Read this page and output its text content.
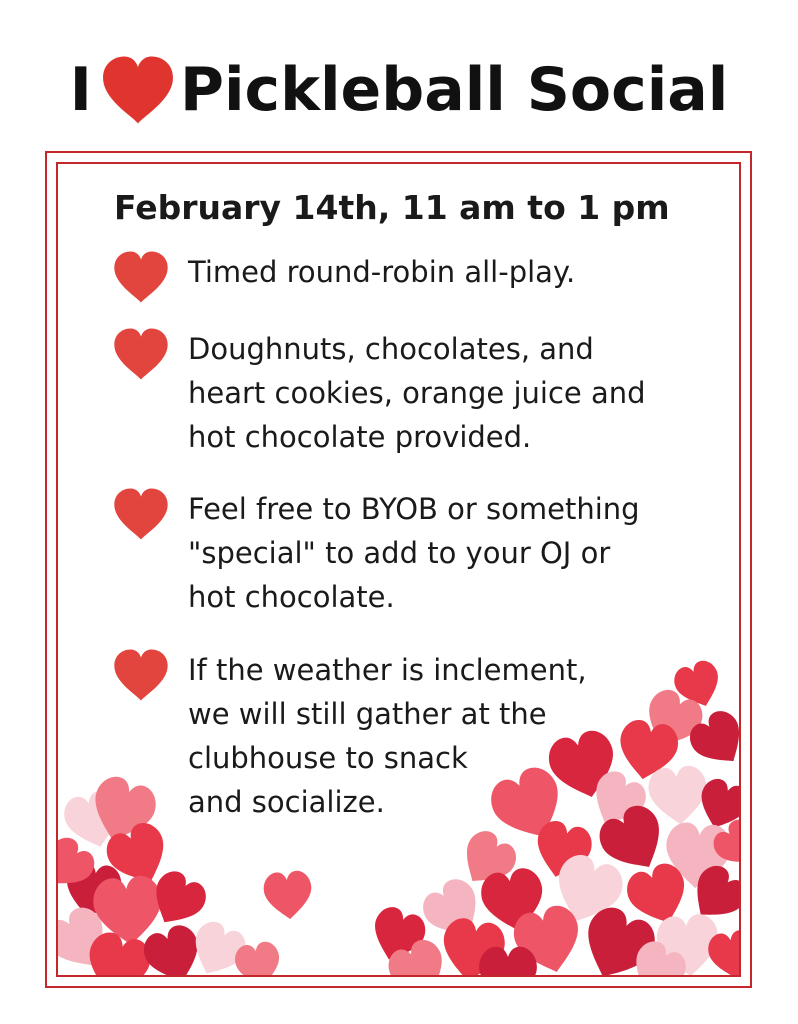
I Pickleball Social
February 14th, 11 am to 1 pm
Timed round-robin all-play.
Doughnuts, chocolates, and
heart cookies, orange juice and
hot chocolate provided.
Feel free to BYOB or something
"special" to add to your OJ or
hot chocolate.
If the weather is inclement,
we will still gather at the
clubhouse to snack
and socialize.
